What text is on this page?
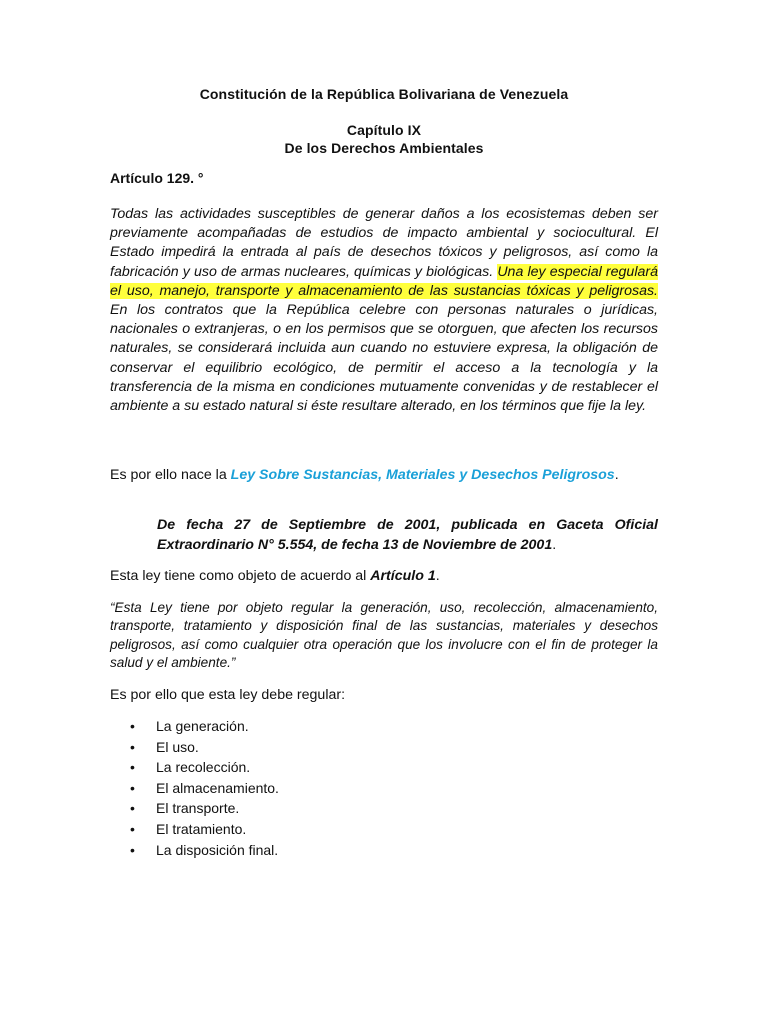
Constitución de la República Bolivariana de Venezuela
Capítulo IX
De los Derechos Ambientales
Artículo 129. °
Todas las actividades susceptibles de generar daños a los ecosistemas deben ser previamente acompañadas de estudios de impacto ambiental y sociocultural. El Estado impedirá la entrada al país de desechos tóxicos y peligrosos, así como la fabricación y uso de armas nucleares, químicas y biológicas. Una ley especial regulará el uso, manejo, transporte y almacenamiento de las sustancias tóxicas y peligrosas. En los contratos que la República celebre con personas naturales o jurídicas, nacionales o extranjeras, o en los permisos que se otorguen, que afecten los recursos naturales, se considerará incluida aun cuando no estuviere expresa, la obligación de conservar el equilibrio ecológico, de permitir el acceso a la tecnología y la transferencia de la misma en condiciones mutuamente convenidas y de restablecer el ambiente a su estado natural si éste resultare alterado, en los términos que fije la ley.
Es por ello nace la Ley Sobre Sustancias, Materiales y Desechos Peligrosos.
De fecha 27 de Septiembre de 2001, publicada en Gaceta Oficial Extraordinario N° 5.554, de fecha 13 de Noviembre de 2001.
Esta ley tiene como objeto de acuerdo al Artículo 1.
“Esta Ley tiene por objeto regular la generación, uso, recolección, almacenamiento, transporte, tratamiento y disposición final de las sustancias, materiales y desechos peligrosos, así como cualquier otra operación que los involucre con el fin de proteger la salud y el ambiente.”
Es por ello que esta ley debe regular:
• La generación.
• El uso.
• La recolección.
• El almacenamiento.
• El transporte.
• El tratamiento.
• La disposición final.
